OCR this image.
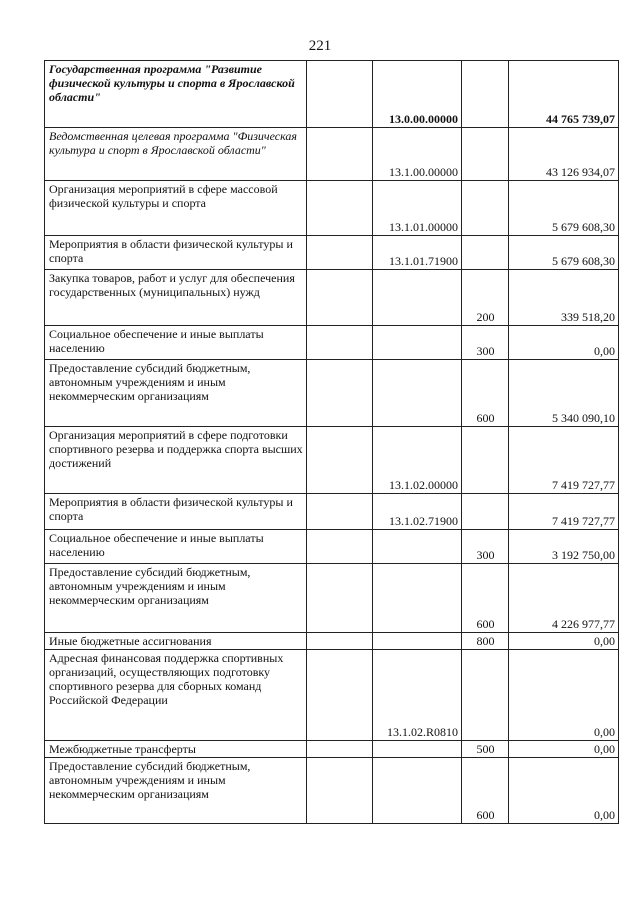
221
Государственная программа "Развитие физической культуры и спорта в Ярославской области"		13.0.00.00000		44 765 739,07
Ведомственная целевая программа "Физическая культура и спорт в Ярославской области"		13.1.00.00000		43 126 934,07
Организация мероприятий в сфере массовой физической культуры и спорта		13.1.01.00000		5 679 608,30
Мероприятия в области физической культуры и спорта		13.1.01.71900		5 679 608,30
Закупка товаров, работ и услуг для обеспечения государственных (муниципальных) нужд			200	339 518,20
Социальное обеспечение и иные выплаты населению			300	0,00
Предоставление субсидий бюджетным, автономным учреждениям и иным некоммерческим организациям			600	5 340 090,10
Организация мероприятий в сфере подготовки спортивного резерва и поддержка спорта высших достижений		13.1.02.00000		7 419 727,77
Мероприятия в области физической культуры и спорта		13.1.02.71900		7 419 727,77
Социальное обеспечение и иные выплаты населению			300	3 192 750,00
Предоставление субсидий бюджетным, автономным учреждениям и иным некоммерческим организациям			600	4 226 977,77
Иные бюджетные ассигнования			800	0,00
Адресная финансовая поддержка спортивных организаций, осуществляющих подготовку спортивного резерва для сборных команд Российской Федерации		13.1.02.R0810		0,00
Межбюджетные трансферты			500	0,00
Предоставление субсидий бюджетным, автономным учреждениям и иным некоммерческим организациям			600	0,00
